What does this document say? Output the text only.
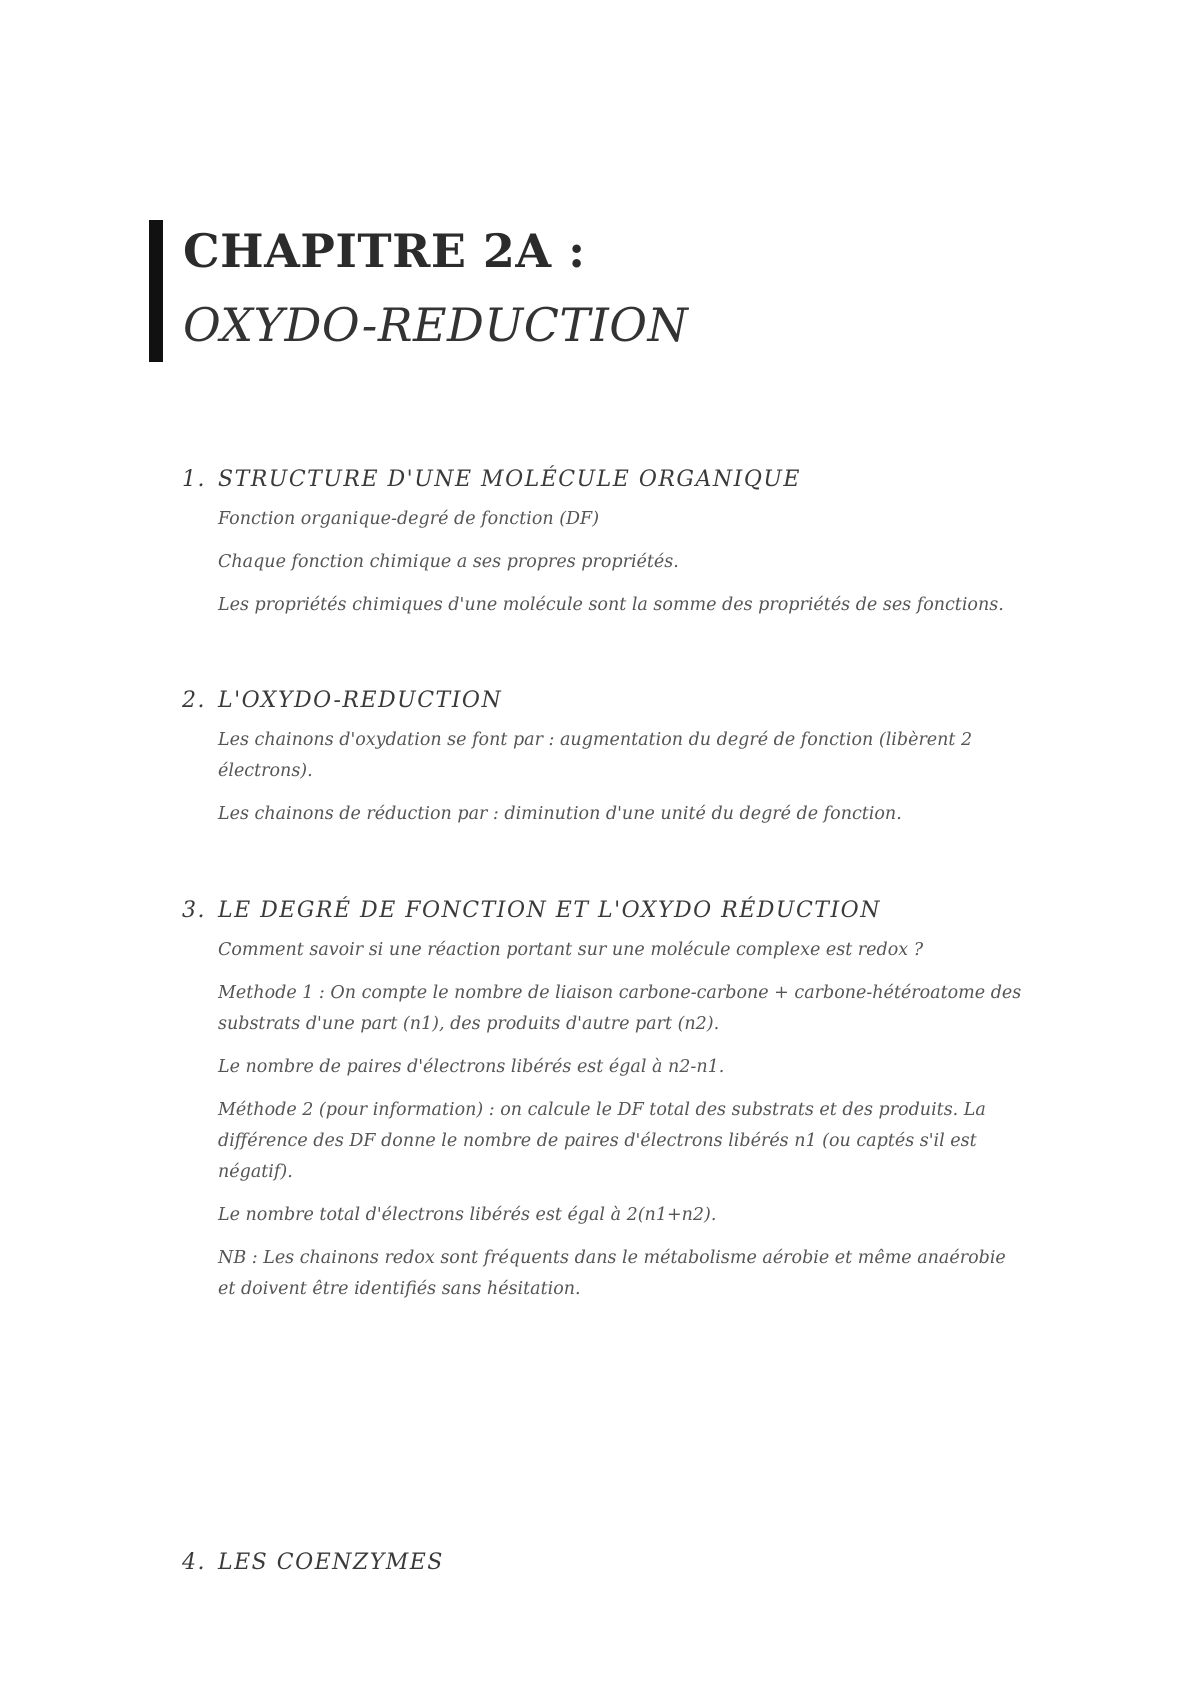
CHAPITRE 2A :
OXYDO-REDUCTION
1. STRUCTURE D'UNE MOLÉCULE ORGANIQUE

Fonction organique-degré de fonction (DF)

Chaque fonction chimique a ses propres propriétés.

Les propriétés chimiques d'une molécule sont la somme des propriétés de ses fonctions.

2. L'OXYDO-REDUCTION

Les chainons d'oxydation se font par : augmentation du degré de fonction (libèrent 2 électrons).

Les chainons de réduction par : diminution d'une unité du degré de fonction.

3. LE DEGRÉ DE FONCTION ET L'OXYDO RÉDUCTION

Comment savoir si une réaction portant sur une molécule complexe est redox ?

Methode 1 : On compte le nombre de liaison carbone-carbone + carbone-hétéroatome des substrats d'une part (n1), des produits d'autre part (n2).

Le nombre de paires d'électrons libérés est égal à n2-n1.

Méthode 2 (pour information) : on calcule le DF total des substrats et des produits. La différence des DF donne le nombre de paires d'électrons libérés n1 (ou captés s'il est négatif).

Le nombre total d'électrons libérés est égal à 2(n1+n2).

NB : Les chainons redox sont fréquents dans le métabolisme aérobie et même anaérobie et doivent être identifiés sans hésitation.

4. LES COENZYMES
